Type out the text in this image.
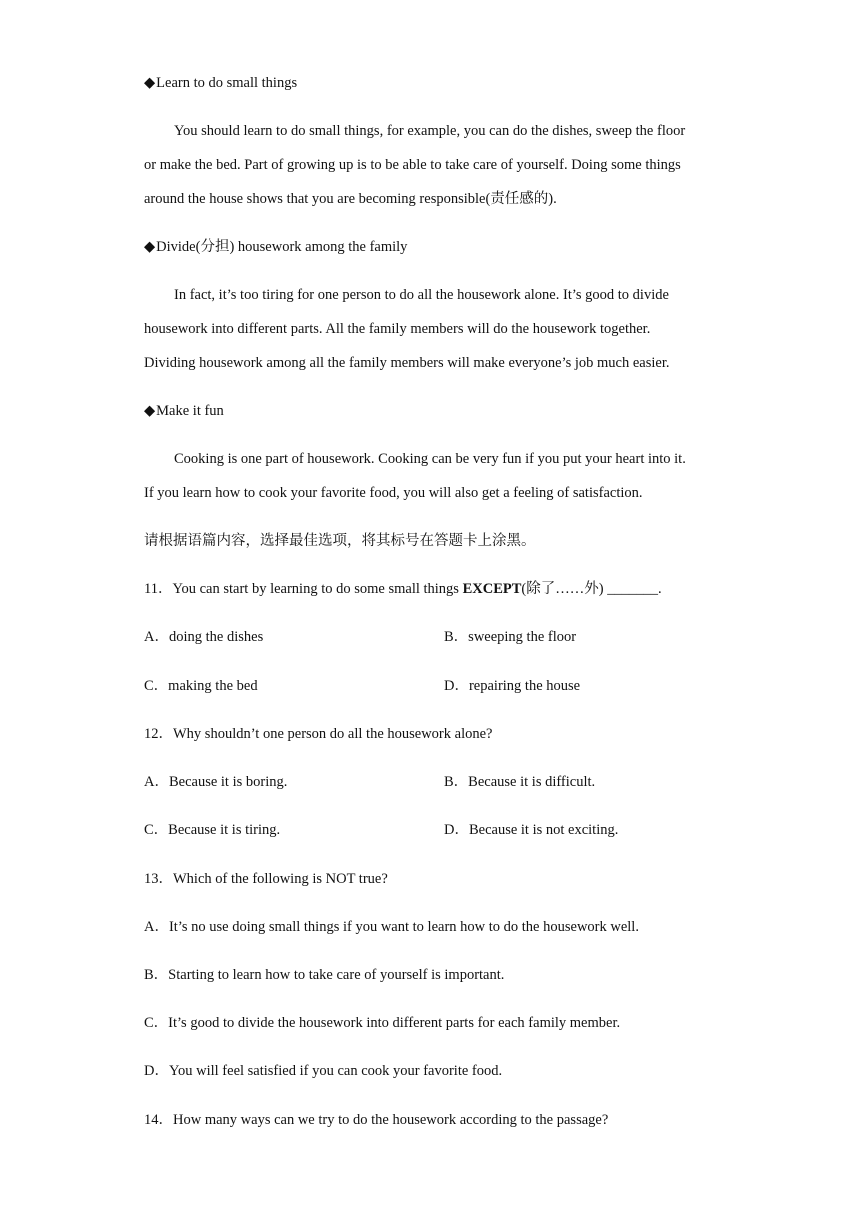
◆Learn to do small things
You should learn to do small things, for example, you can do the dishes, sweep the floor
or make the bed. Part of growing up is to be able to take care of yourself. Doing some things
around the house shows that you are becoming responsible(责任感的).
◆Divide(分担) housework among the family
In fact, it’s too tiring for one person to do all the housework alone. It’s good to divide
housework into different parts. All the family members will do the housework together.
Dividing housework among all the family members will make everyone’s job much easier.
◆Make it fun
Cooking is one part of housework. Cooking can be very fun if you put your heart into it.
If you learn how to cook your favorite food, you will also get a feeling of satisfaction.
请根据语篇内容，选择最佳选项，将其标号在答题卡上涂黑。
11．You can start by learning to do some small things EXCEPT(除了……外) _______.
A．doing the dishes	B．sweeping the floor
C．making the bed	D．repairing the house
12．Why shouldn’t one person do all the housework alone?
A．Because it is boring.	B．Because it is difficult.
C．Because it is tiring.	D．Because it is not exciting.
13．Which of the following is NOT true?
A．It’s no use doing small things if you want to learn how to do the housework well.
B．Starting to learn how to take care of yourself is important.
C．It’s good to divide the housework into different parts for each family member.
D．You will feel satisfied if you can cook your favorite food.
14．How many ways can we try to do the housework according to the passage?
